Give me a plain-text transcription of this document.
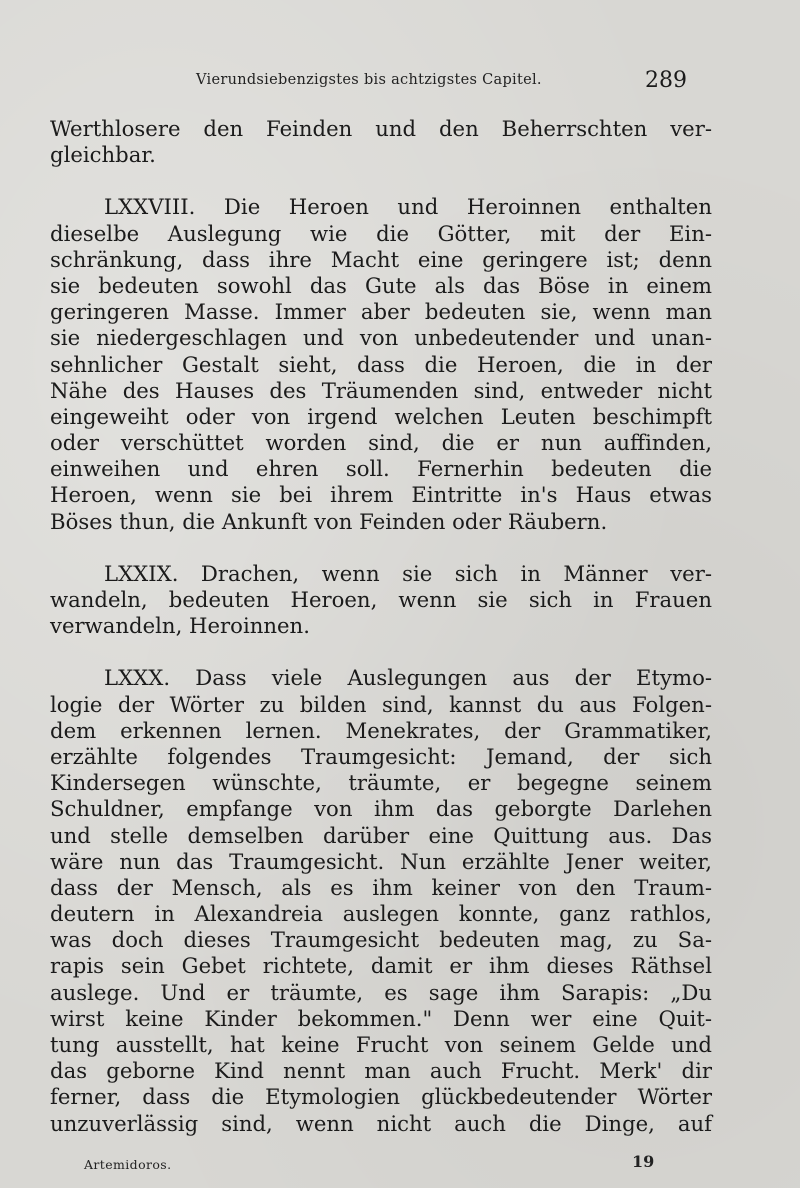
Vierundsiebenzigstes bis achtzigstes Capitel.	289
Werthlosere den Feinden und den Beherrschten ver-
gleichbar.
LXXVIII. Die Heroen und Heroinnen enthalten
dieselbe Auslegung wie die Götter, mit der Ein-
schränkung, dass ihre Macht eine geringere ist; denn
sie bedeuten sowohl das Gute als das Böse in einem
geringeren Masse. Immer aber bedeuten sie, wenn man
sie niedergeschlagen und von unbedeutender und unan-
sehnlicher Gestalt sieht, dass die Heroen, die in der
Nähe des Hauses des Träumenden sind, entweder nicht
eingeweiht oder von irgend welchen Leuten beschimpft
oder verschüttet worden sind, die er nun auffinden,
einweihen und ehren soll. Fernerhin bedeuten die
Heroen, wenn sie bei ihrem Eintritte in's Haus etwas
Böses thun, die Ankunft von Feinden oder Räubern.
LXXIX. Drachen, wenn sie sich in Männer ver-
wandeln, bedeuten Heroen, wenn sie sich in Frauen
verwandeln, Heroinnen.
LXXX. Dass viele Auslegungen aus der Etymo-
logie der Wörter zu bilden sind, kannst du aus Folgen-
dem erkennen lernen. Menekrates, der Grammatiker,
erzählte folgendes Traumgesicht: Jemand, der sich
Kindersegen wünschte, träumte, er begegne seinem
Schuldner, empfange von ihm das geborgte Darlehen
und stelle demselben darüber eine Quittung aus. Das
wäre nun das Traumgesicht. Nun erzählte Jener weiter,
dass der Mensch, als es ihm keiner von den Traum-
deutern in Alexandreia auslegen konnte, ganz rathlos,
was doch dieses Traumgesicht bedeuten mag, zu Sa-
rapis sein Gebet richtete, damit er ihm dieses Räthsel
auslege. Und er träumte, es sage ihm Sarapis: „Du
wirst keine Kinder bekommen." Denn wer eine Quit-
tung ausstellt, hat keine Frucht von seinem Gelde und
das geborne Kind nennt man auch Frucht. Merk' dir
ferner, dass die Etymologien glückbedeutender Wörter
unzuverlässig sind, wenn nicht auch die Dinge, auf
Artemidoros.	19
